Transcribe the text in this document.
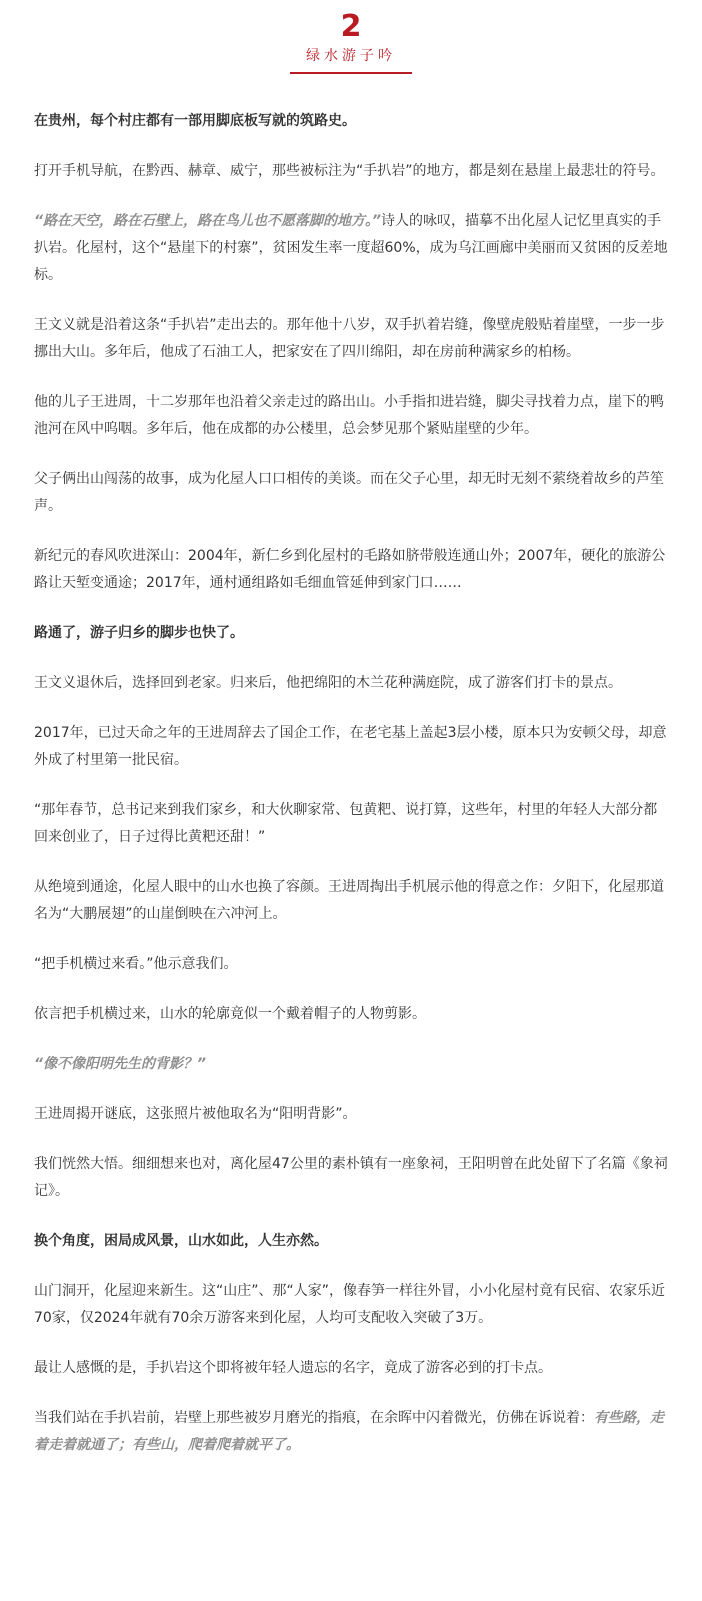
2
绿水游子吟

在贵州，每个村庄都有一部用脚底板写就的筑路史。

打开手机导航，在黔西、赫章、威宁，那些被标注为“手扒岩”的地方，都是刻在悬崖上最悲壮的符号。

“路在天空，路在石壁上，路在鸟儿也不愿落脚的地方。”诗人的咏叹，描摹不出化屋人记忆里真实的手扒岩。化屋村，这个“悬崖下的村寨”，贫困发生率一度超60%，成为乌江画廊中美丽而又贫困的反差地标。

王文义就是沿着这条“手扒岩”走出去的。那年他十八岁，双手扒着岩缝，像壁虎般贴着崖壁，一步一步挪出大山。多年后，他成了石油工人，把家安在了四川绵阳，却在房前种满家乡的柏杨。

他的儿子王进周，十二岁那年也沿着父亲走过的路出山。小手指扣进岩缝，脚尖寻找着力点，崖下的鸭池河在风中呜咽。多年后，他在成都的办公楼里，总会梦见那个紧贴崖壁的少年。

父子俩出山闯荡的故事，成为化屋人口口相传的美谈。而在父子心里，却无时无刻不萦绕着故乡的芦笙声。

新纪元的春风吹进深山：2004年，新仁乡到化屋村的毛路如脐带般连通山外；2007年，硬化的旅游公路让天堑变通途；2017年，通村通组路如毛细血管延伸到家门口……

路通了，游子归乡的脚步也快了。

王文义退休后，选择回到老家。归来后，他把绵阳的木兰花种满庭院，成了游客们打卡的景点。

2017年，已过天命之年的王进周辞去了国企工作，在老宅基上盖起3层小楼，原本只为安顿父母，却意外成了村里第一批民宿。

“那年春节，总书记来到我们家乡，和大伙聊家常、包黄粑、说打算，这些年，村里的年轻人大部分都回来创业了，日子过得比黄粑还甜！”

从绝境到通途，化屋人眼中的山水也换了容颜。王进周掏出手机展示他的得意之作：夕阳下，化屋那道名为“大鹏展翅”的山崖倒映在六冲河上。

“把手机横过来看。”他示意我们。

依言把手机横过来，山水的轮廓竟似一个戴着帽子的人物剪影。

“像不像阳明先生的背影？”

王进周揭开谜底，这张照片被他取名为“阳明背影”。

我们恍然大悟。细细想来也对，离化屋47公里的素朴镇有一座象祠，王阳明曾在此处留下了名篇《象祠记》。

换个角度，困局成风景，山水如此，人生亦然。

山门洞开，化屋迎来新生。这“山庄”、那“人家”，像春笋一样往外冒，小小化屋村竟有民宿、农家乐近70家，仅2024年就有70余万游客来到化屋，人均可支配收入突破了3万。

最让人感慨的是，手扒岩这个即将被年轻人遗忘的名字，竟成了游客必到的打卡点。

当我们站在手扒岩前，岩壁上那些被岁月磨光的指痕，在余晖中闪着微光，仿佛在诉说着：有些路，走着走着就通了；有些山，爬着爬着就平了。
